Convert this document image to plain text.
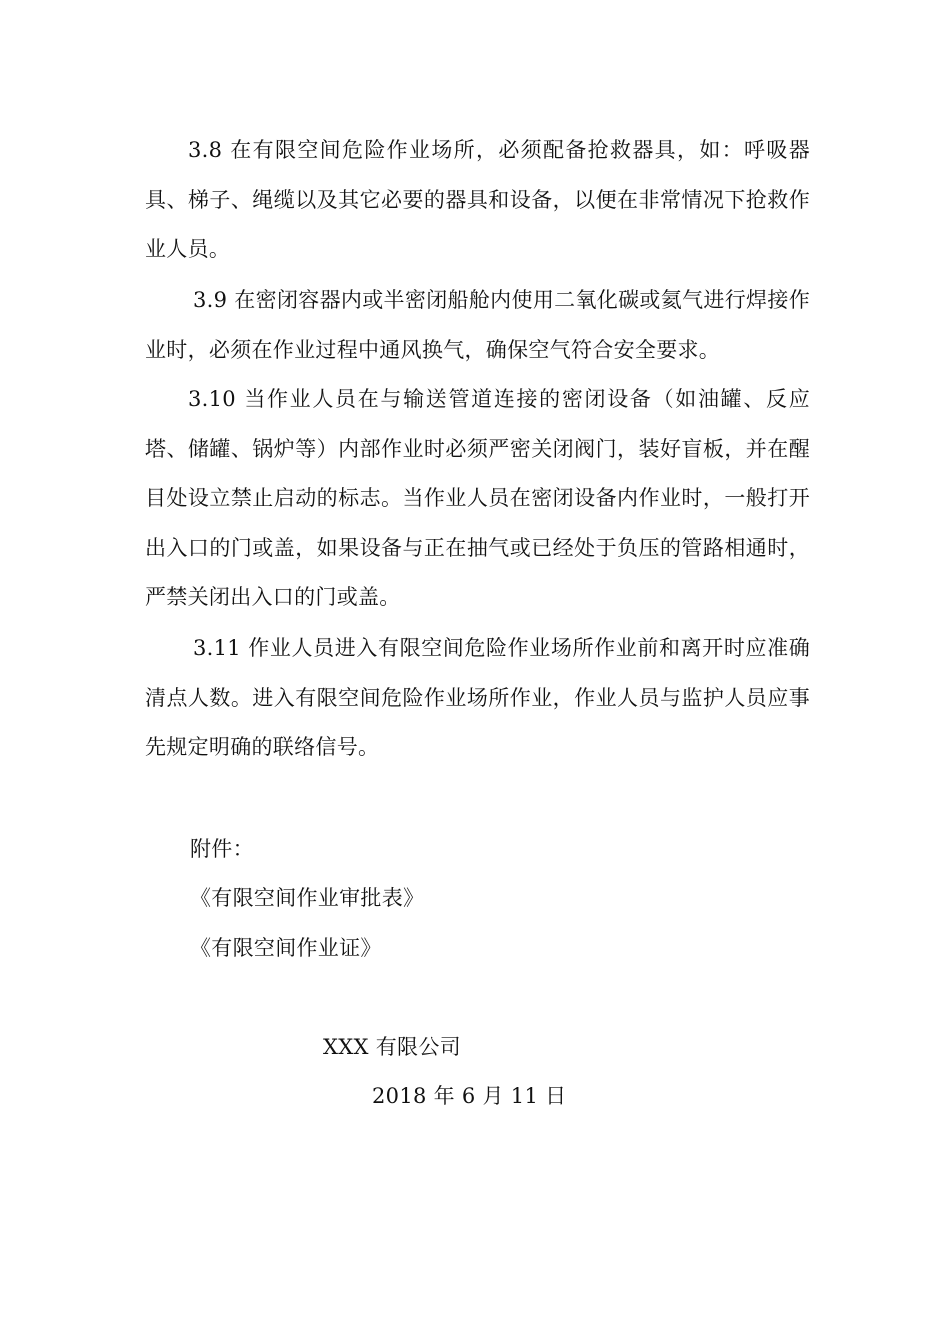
3.8 在有限空间危险作业场所，必须配备抢救器具，如：呼吸器具、梯子、绳缆以及其它必要的器具和设备，以便在非常情况下抢救作业人员。

3.9 在密闭容器内或半密闭船舱内使用二氧化碳或氦气进行焊接作业时，必须在作业过程中通风换气，确保空气符合安全要求。

3.10 当作业人员在与输送管道连接的密闭设备（如油罐、反应塔、储罐、锅炉等）内部作业时必须严密关闭阀门，装好盲板，并在醒目处设立禁止启动的标志。当作业人员在密闭设备内作业时，一般打开出入口的门或盖，如果设备与正在抽气或已经处于负压的管路相通时，严禁关闭出入口的门或盖。

3.11 作业人员进入有限空间危险作业场所作业前和离开时应准确清点人数。进入有限空间危险作业场所作业，作业人员与监护人员应事先规定明确的联络信号。

附件：

《有限空间作业审批表》

《有限空间作业证》

XXX 有限公司

2018 年 6 月 11 日
